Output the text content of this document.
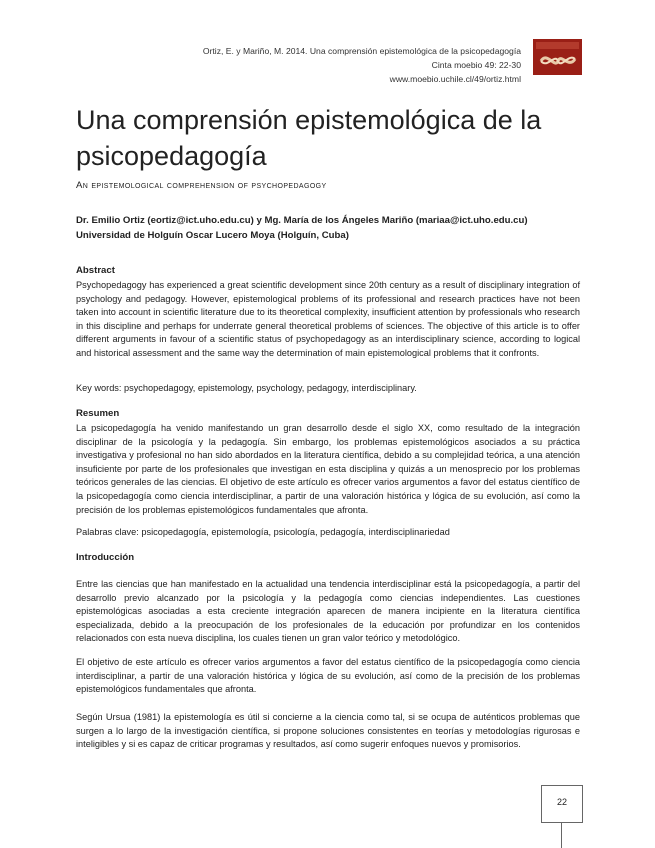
Ortiz, E. y Mariño, M. 2014. Una comprensión epistemológica de la psicopedagogía
Cinta moebio 49: 22-30
www.moebio.uchile.cl/49/ortiz.html
Una comprensión epistemológica de la psicopedagogía
An epistemological comprehension of psychopedagogy
Dr. Emilio Ortiz (eortiz@ict.uho.edu.cu) y Mg. María de los Ángeles Mariño (mariaa@ict.uho.edu.cu) Universidad de Holguín Oscar Lucero Moya (Holguín, Cuba)
Abstract

Psychopedagogy has experienced a great scientific development since 20th century as a result of disciplinary integration of psychology and pedagogy. However, epistemological problems of its professional and research practices have not been taken into account in scientific literature due to its theoretical complexity, insufficient attention by professionals who research in this discipline and perhaps for underrate general theoretical problems of sciences. The objective of this article is to offer different arguments in favour of a scientific status of psychopedagogy as an interdisciplinary science, according to logical and historical assessment and the same way the determination of main epistemological problems that it confronts.

Key words: psychopedagogy, epistemology, psychology, pedagogy, interdisciplinary.

Resumen

La psicopedagogía ha venido manifestando un gran desarrollo desde el siglo XX, como resultado de la integración disciplinar de la psicología y la pedagogía. Sin embargo, los problemas epistemológicos asociados a su práctica investigativa y profesional no han sido abordados en la literatura científica, debido a su complejidad teórica, a una atención insuficiente por parte de los profesionales que investigan en esta disciplina y quizás a un menosprecio por los problemas teóricos generales de las ciencias. El objetivo de este artículo es ofrecer varios argumentos a favor del estatus científico de la psicopedagogía como ciencia interdisciplinar, a partir de una valoración histórica y lógica de su evolución, así como la precisión de los problemas epistemológicos fundamentales que afronta.

Palabras clave: psicopedagogía, epistemología, psicología, pedagogía, interdisciplinariedad

Introducción

Entre las ciencias que han manifestado en la actualidad una tendencia interdisciplinar está la psicopedagogía, a partir del desarrollo previo alcanzado por la psicología y la pedagogía como ciencias independientes. Las cuestiones epistemológicas asociadas a esta creciente integración aparecen de manera incipiente en la literatura científica especializada, debido a la preocupación de los profesionales de la educación por profundizar en los contenidos relacionados con esta nueva disciplina, los cuales tienen un gran valor teórico y metodológico.

El objetivo de este artículo es ofrecer varios argumentos a favor del estatus científico de la psicopedagogía como ciencia interdisciplinar, a partir de una valoración histórica y lógica de su evolución, así como de la precisión de los problemas epistemológicos fundamentales que afronta.

Según Ursua (1981) la epistemología es útil si concierne a la ciencia como tal, si se ocupa de auténticos problemas que surgen a lo largo de la investigación científica, si propone soluciones consistentes en teorías y metodologías rigurosas e inteligibles y si es capaz de criticar programas y resultados, así como sugerir enfoques nuevos y promisorios.

22
